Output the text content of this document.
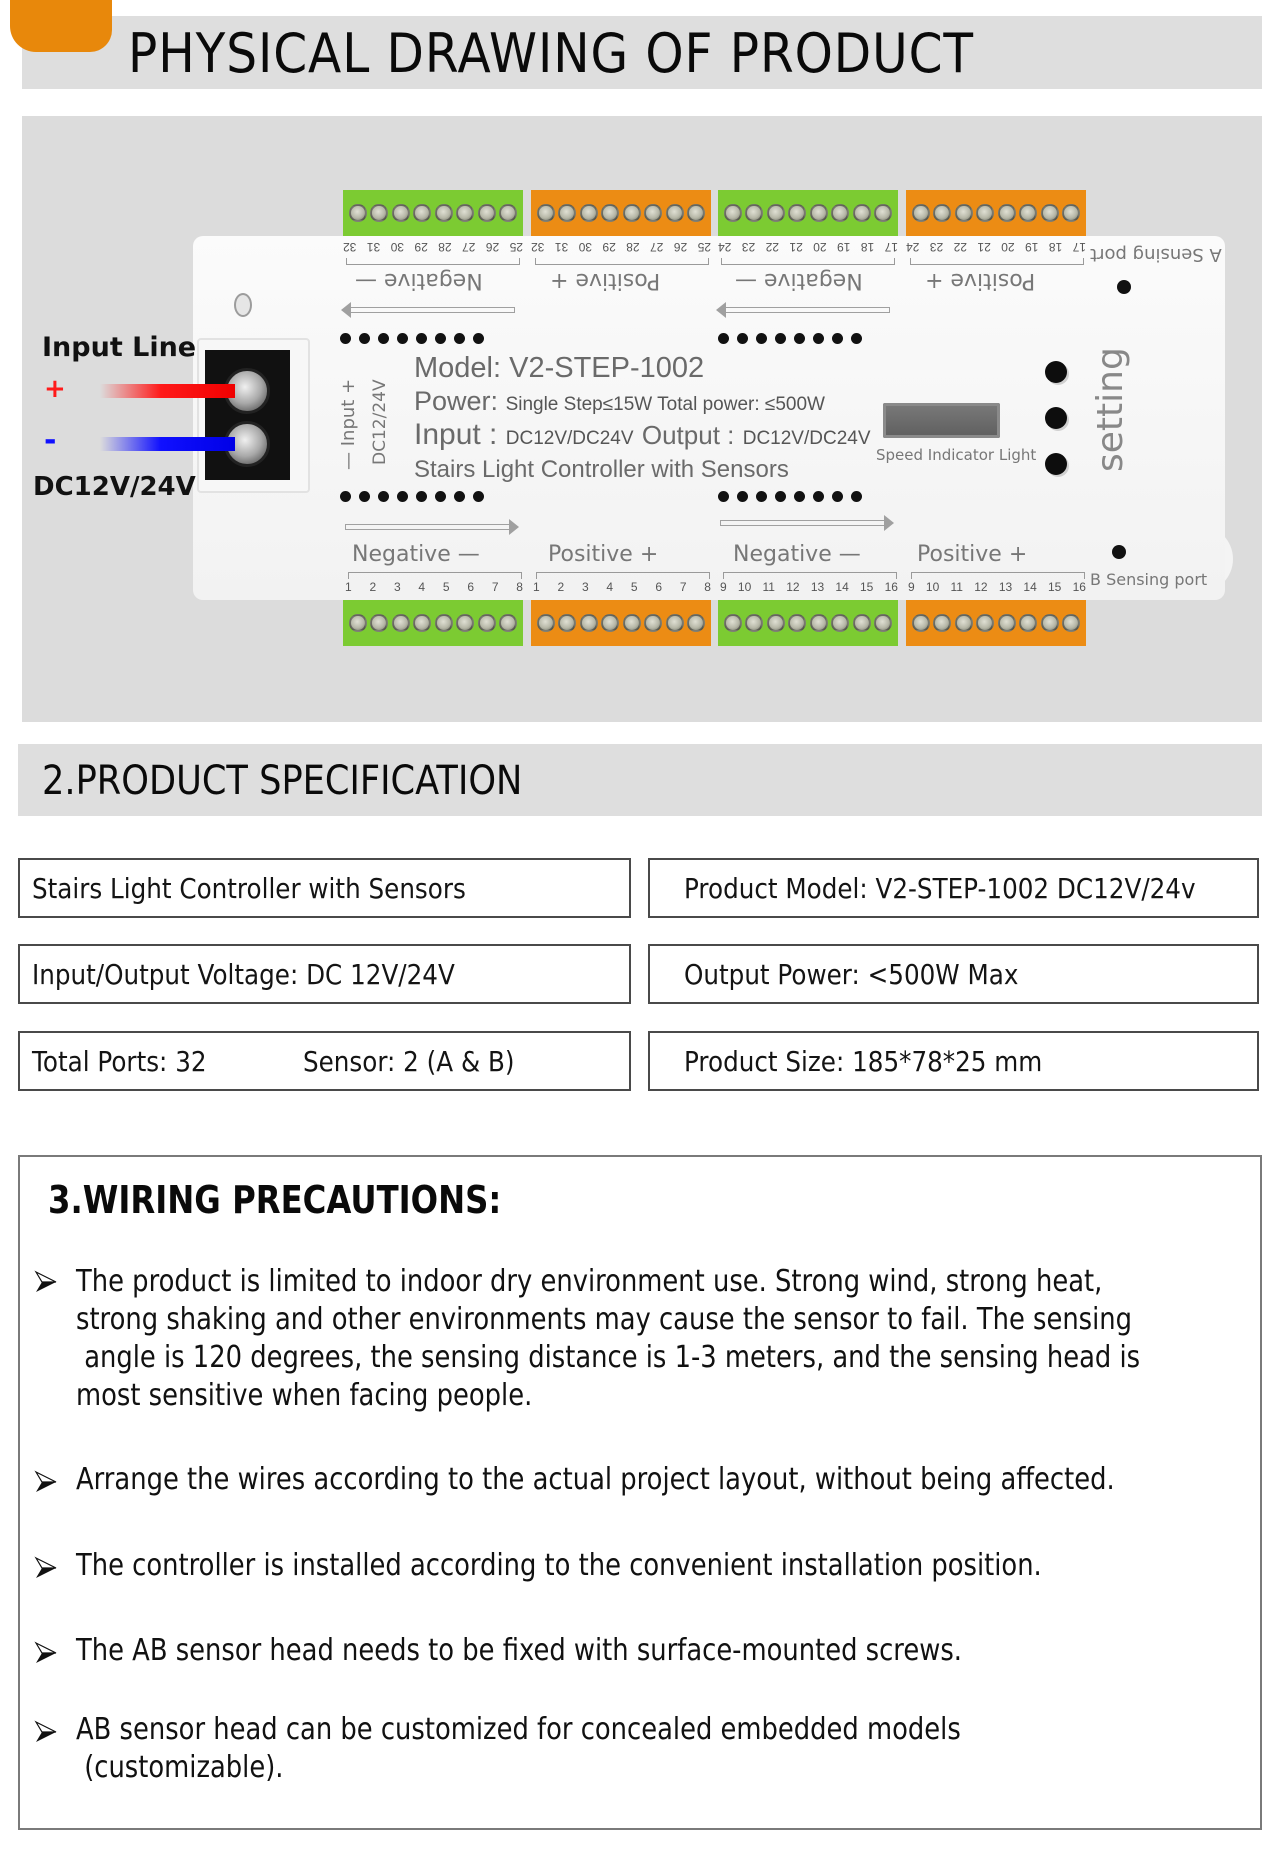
PHYSICAL DRAWING OF PRODUCT
25
26
27
28
29
30
31
32	25
26
27
28
29
30
31
32	17
18
19
20
21
22
23
24	17
18
19
20
21
22
23
24
Negative —	Positive +	Negative —	Positive +
A Sensing port
Input Line
+
-
DC12V/24V
— Input + DC12/24V
Model: V2-STEP-1002
Power: Single Step≤15W Total power: ≤500W
Input : DC12V/DC24V Output : DC12V/DC24V
Stairs Light Controller with Sensors
Speed Indicator Light setting
Negative —	Positive +	Negative —	Positive +
1 2 3 4 5 6 7 8 1 2 3 4 5 6 7 8 9 10 11 12 13 14 15 16 9 10 11 12 13 14 15 16 B Sensing port
2.PRODUCT SPECIFICATION
Stairs Light Controller with Sensors	Product Model: V2-STEP-1002 DC12V/24v
Input/Output Voltage: DC 12V/24V	Output Power: <500W Max
Total Ports: 32	Sensor: 2 (A & B)	Product Size: 185*78*25 mm
3.WIRING PRECAUTIONS:
The product is limited to indoor dry environment use. Strong wind, strong heat,
strong shaking and other environments may cause the sensor to fail. The sensing
angle is 120 degrees, the sensing distance is 1-3 meters, and the sensing head is
most sensitive when facing people.
Arrange the wires according to the actual project layout, without being affected.
The controller is installed according to the convenient installation position.
The AB sensor head needs to be fixed with surface-mounted screws.
AB sensor head can be customized for concealed embedded models
(customizable).
